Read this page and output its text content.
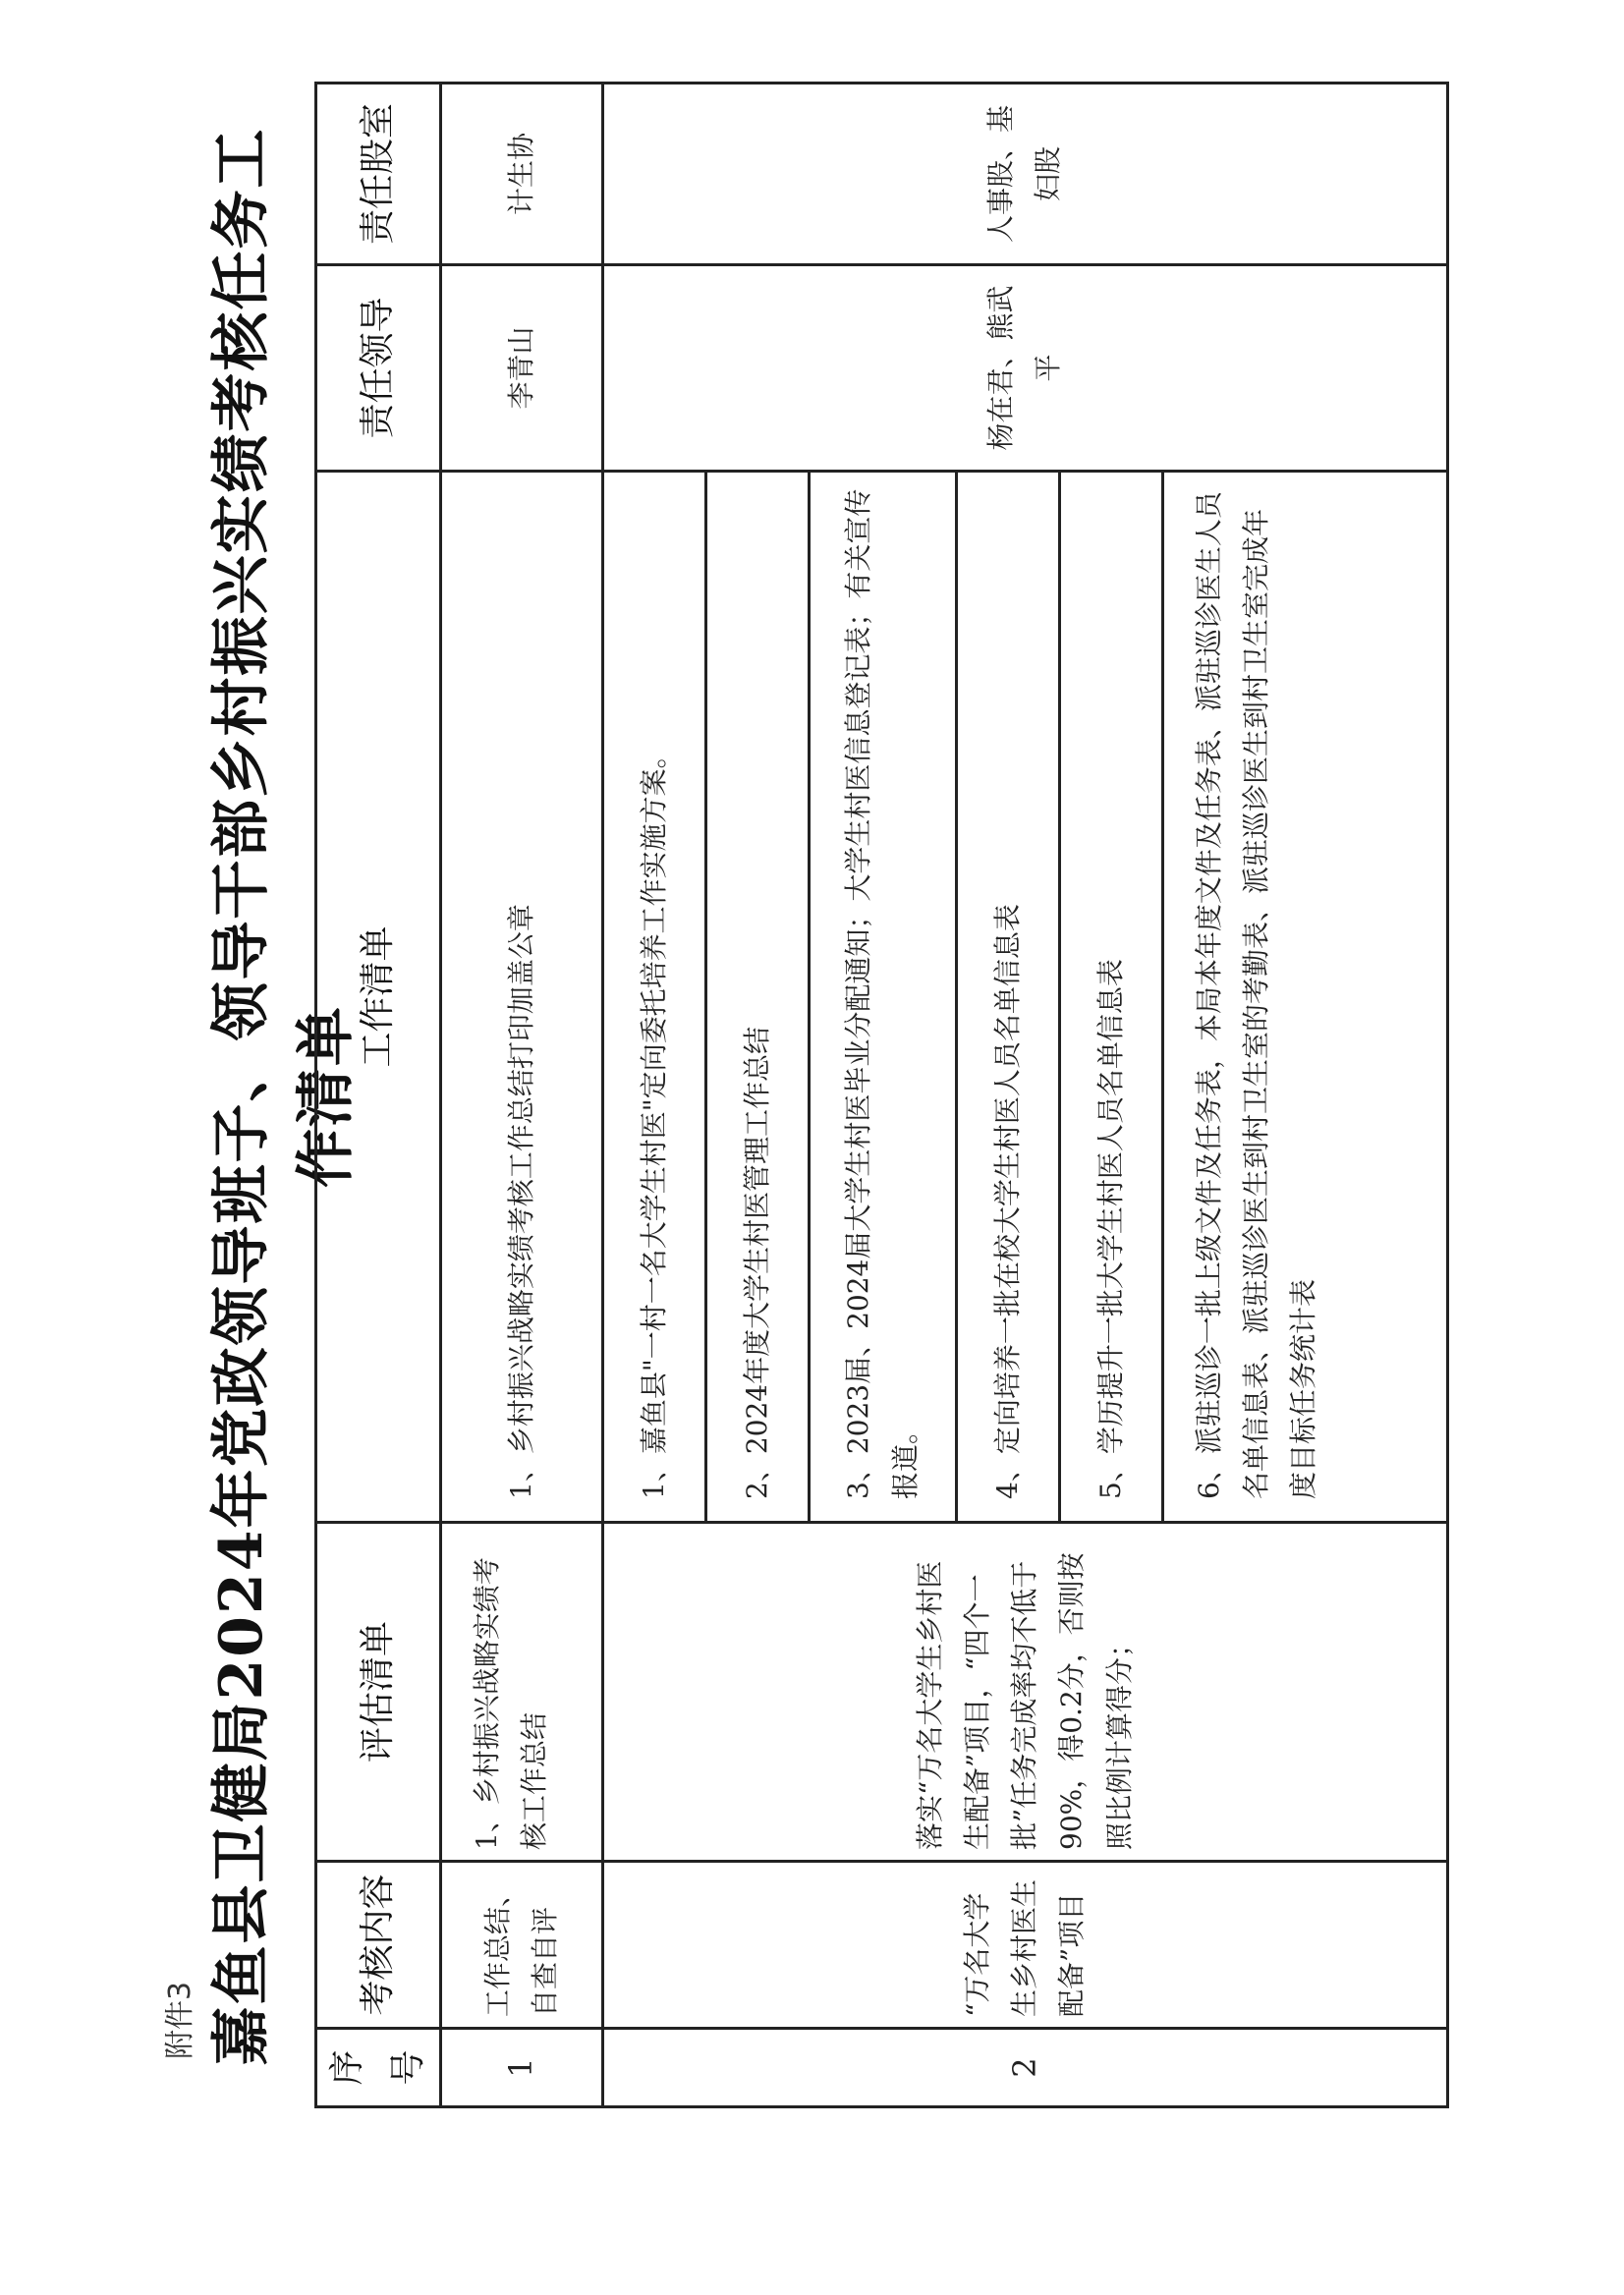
附件3 嘉鱼县卫健局2024年党政领导班子、领导干部乡村振兴实绩考核任务工作清单
序号	考核内容	评估清单	工作清单	责任领导	责任股室
1	工作总结、自查自评	1、乡村振兴战略实绩考核工作总结	1、乡村振兴战略实绩考核工作总结打印加盖公章	李青山	计生协
2	“万名大学生乡村医生配备”项目	落实“万名大学生乡村医生配备”项目，“四个一批”任务完成率均不低于90%，得0.2分，否则按照比例计算得分；	1、嘉鱼县"一村一名大学生村医"定向委托培养工作实施方案。	杨在君、熊武平	人事股、基妇股
			2、2024年度大学生村医管理工作总结		
			3、2023届、2024届大学生村医毕业分配通知；大学生村医信息登记表；有关宣传报道。		
			4、定向培养一批在校大学生村医人员名单信息表		
			5、学历提升一批大学生村医人员名单信息表		
			6、派驻巡诊一批上级文件及任务表，本局本年度文件及任务表、派驻巡诊医生人员名单信息表、派驻巡诊医生到村卫生室的考勤表、派驻巡诊医生到村卫生室完成年度目标任务统计表		
